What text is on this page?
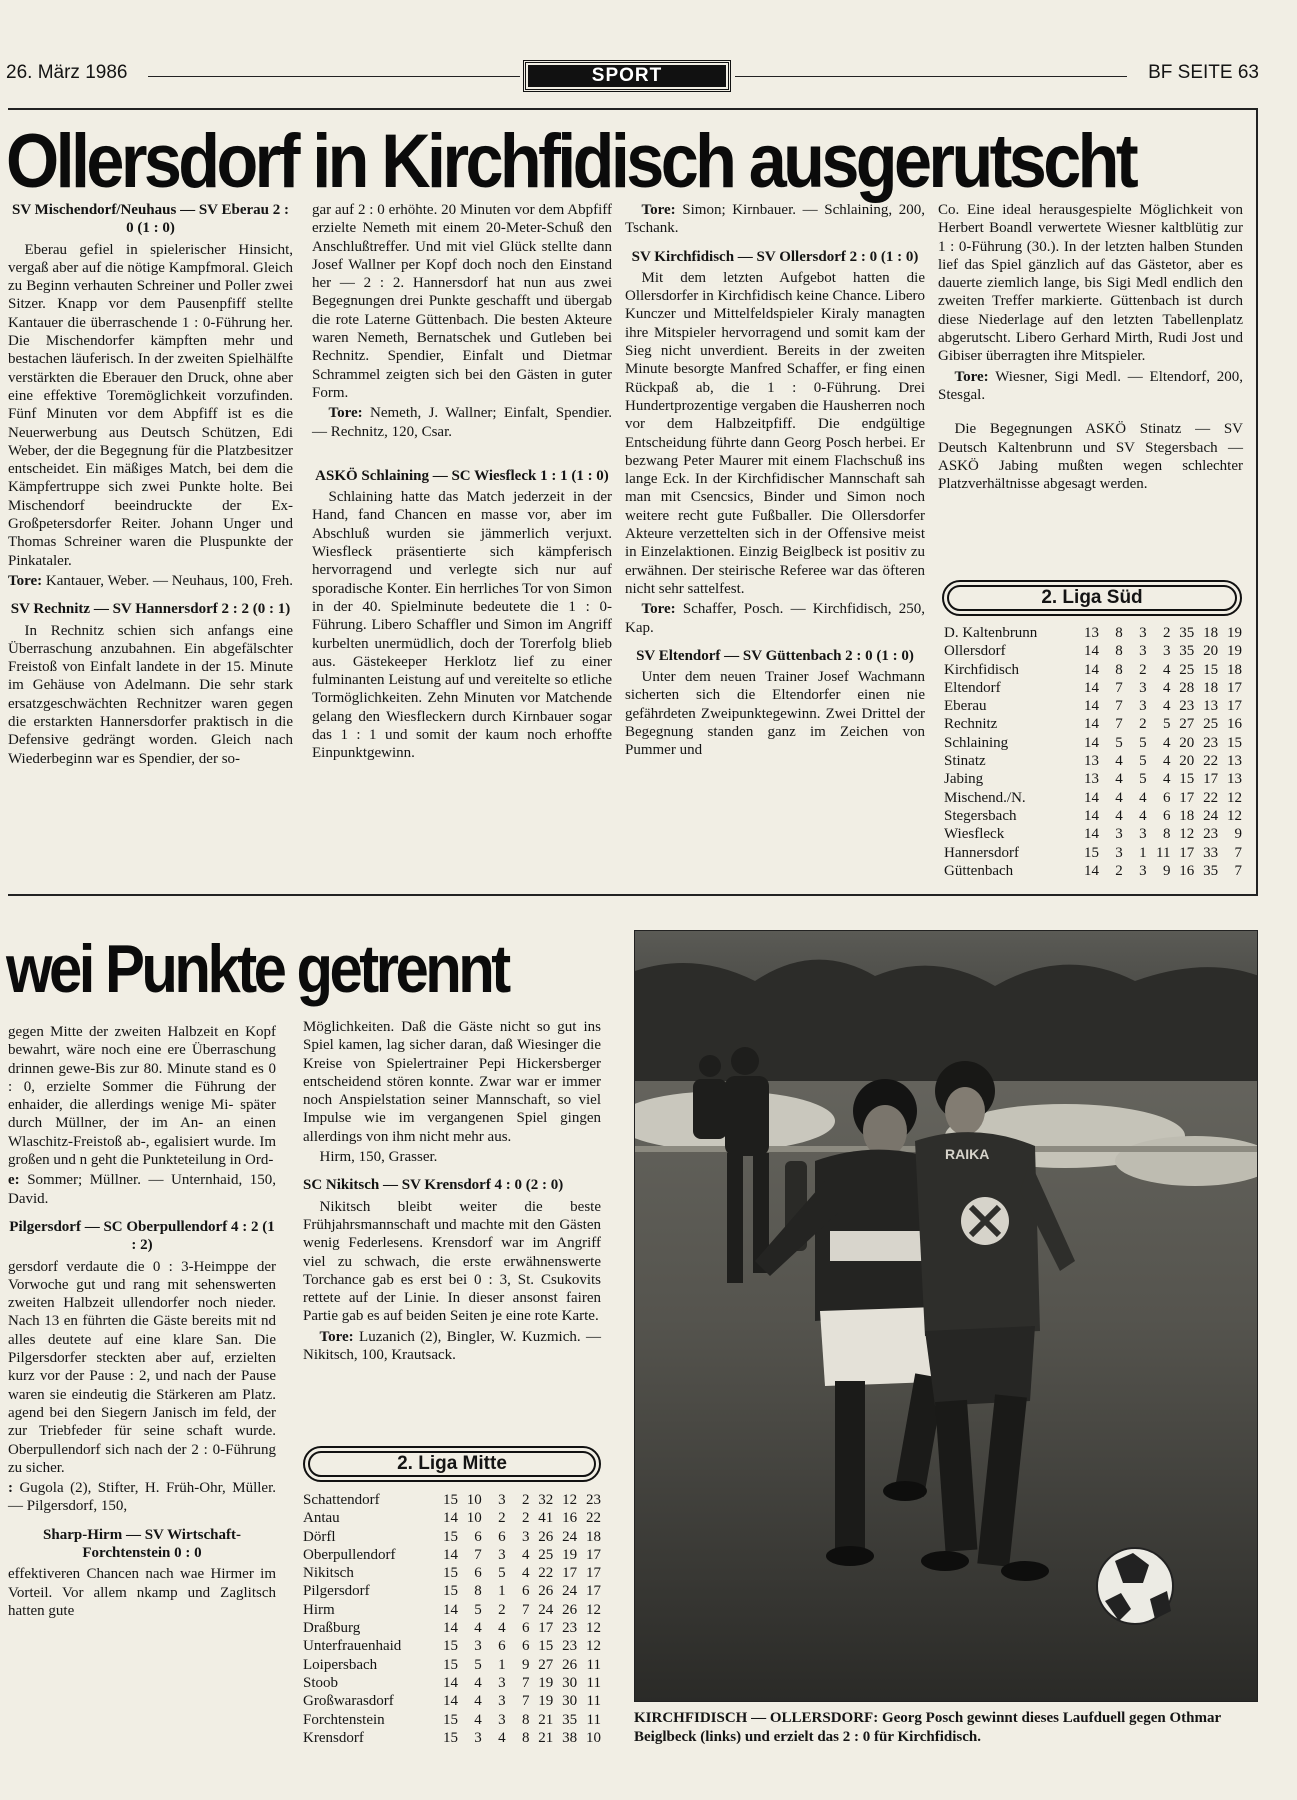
26. März 1986	SPORT	BF SEITE 63
Ollersdorf in Kirchfidisch ausgerutscht
SV Mischendorf/Neuhaus — SV Eberau 2 : 0 (1 : 0)

Eberau gefiel in spielerischer Hinsicht, vergaß aber auf die nötige Kampfmoral. Gleich zu Beginn verhauten Schreiner und Poller zwei Sitzer. Knapp vor dem Pausenpfiff stellte Kantauer die überraschende 1 : 0-Führung her. Die Mischendorfer kämpften mehr und bestachen läuferisch. In der zweiten Spielhälfte verstärkten die Eberauer den Druck, ohne aber eine effektive Toremöglichkeit vorzufinden. Fünf Minuten vor dem Abpfiff ist es die Neuerwerbung aus Deutsch Schützen, Edi Weber, der die Begegnung für die Platzbesitzer entscheidet. Ein mäßiges Match, bei dem die Kämpfertruppe sich zwei Punkte holte. Bei Mischendorf beeindruckte der Ex-Großpetersdorfer Reiter. Johann Unger und Thomas Schreiner waren die Pluspunkte der Pinkataler.

Tore: Kantauer, Weber. — Neuhaus, 100, Freh.

SV Rechnitz — SV Hannersdorf 2 : 2 (0 : 1)

In Rechnitz schien sich anfangs eine Überraschung anzubahnen. Ein abgefälschter Freistoß von Einfalt landete in der 15. Minute im Gehäuse von Adelmann. Die sehr stark ersatzgeschwächten Rechnitzer waren gegen die erstarkten Hannersdorfer praktisch in die Defensive gedrängt worden. Gleich nach Wiederbeginn war es Spendier, der so-

gar auf 2 : 0 erhöhte. 20 Minuten vor dem Abpfiff erzielte Nemeth mit einem 20-Meter-Schuß den Anschlußtreffer. Und mit viel Glück stellte dann Josef Wallner per Kopf doch noch den Einstand her — 2 : 2. Hannersdorf hat nun aus zwei Begegnungen drei Punkte geschafft und übergab die rote Laterne Güttenbach. Die besten Akteure waren Nemeth, Bernatschek und Gutleben bei Rechnitz. Spendier, Einfalt und Dietmar Schrammel zeigten sich bei den Gästen in guter Form.

Tore: Nemeth, J. Wallner; Einfalt, Spendier. — Rechnitz, 120, Csar.

ASKÖ Schlaining — SC Wiesfleck 1 : 1 (1 : 0)

Schlaining hatte das Match jederzeit in der Hand, fand Chancen en masse vor, aber im Abschluß wurden sie jämmerlich verjuxt. Wiesfleck präsentierte sich kämpferisch hervorragend und verlegte sich nur auf sporadische Konter. Ein herrliches Tor von Simon in der 40. Spielminute bedeutete die 1 : 0-Führung. Libero Schaffler und Simon im Angriff kurbelten unermüdlich, doch der Torerfolg blieb aus. Gästekeeper Herklotz lief zu einer fulminanten Leistung auf und vereitelte so etliche Tormöglichkeiten. Zehn Minuten vor Matchende gelang den Wiesfleckern durch Kirnbauer sogar das 1 : 1 und somit der kaum noch erhoffte Einpunktgewinn.

Tore: Simon; Kirnbauer. — Schlaining, 200, Tschank.

SV Kirchfidisch — SV Ollersdorf 2 : 0 (1 : 0)

Mit dem letzten Aufgebot hatten die Ollersdorfer in Kirchfidisch keine Chance. Libero Kunczer und Mittelfeldspieler Kiraly managten ihre Mitspieler hervorragend und somit kam der Sieg nicht unverdient. Bereits in der zweiten Minute besorgte Manfred Schaffer, er fing einen Rückpaß ab, die 1 : 0-Führung. Drei Hundertprozentige vergaben die Hausherren noch vor dem Halbzeitpfiff. Die endgültige Entscheidung führte dann Georg Posch herbei. Er bezwang Peter Maurer mit einem Flachschuß ins lange Eck. In der Kirchfidischer Mannschaft sah man mit Csencsics, Binder und Simon noch weitere recht gute Fußballer. Die Ollersdorfer Akteure verzettelten sich in der Offensive meist in Einzelaktionen. Einzig Beiglbeck ist positiv zu erwähnen. Der steirische Referee war das öfteren nicht sehr sattelfest.

Tore: Schaffer, Posch. — Kirchfidisch, 250, Kap.

SV Eltendorf — SV Güttenbach 2 : 0 (1 : 0)

Unter dem neuen Trainer Josef Wachmann sicherten sich die Eltendorfer einen nie gefährdeten Zweipunktegewinn. Zwei Drittel der Begegnung standen ganz im Zeichen von Pummer und

Co. Eine ideal herausgespielte Möglichkeit von Herbert Boandl verwertete Wiesner kaltblütig zur 1 : 0-Führung (30.). In der letzten halben Stunden lief das Spiel gänzlich auf das Gästetor, aber es dauerte ziemlich lange, bis Sigi Medl endlich den zweiten Treffer markierte. Güttenbach ist durch diese Niederlage auf den letzten Tabellenplatz abgerutscht. Libero Gerhard Mirth, Rudi Jost und Gibiser überragten ihre Mitspieler.

Tore: Wiesner, Sigi Medl. — Eltendorf, 200, Stesgal.

Die Begegnungen ASKÖ Stinatz — SV Deutsch Kaltenbrunn und SV Stegersbach — ASKÖ Jabing mußten wegen schlechter Platzverhältnisse abgesagt werden.

2. Liga Süd
D. Kaltenbrunn	13	8	3	2	35	18	19
Ollersdorf	14	8	3	3	35	20	19
Kirchfidisch	14	8	2	4	25	15	18
Eltendorf	14	7	3	4	28	18	17
Eberau	14	7	3	4	23	13	17
Rechnitz	14	7	2	5	27	25	16
Schlaining	14	5	5	4	20	23	15
Stinatz	13	4	5	4	20	22	13
Jabing	13	4	5	4	15	17	13
Mischend./N.	14	4	4	6	17	22	12
Stegersbach	14	4	4	6	18	24	12
Wiesfleck	14	3	3	8	12	23	9
Hannersdorf	15	3	1	11	17	33	7
Güttenbach	14	2	3	9	16	35	7
wei Punkte getrennt

gegen Mitte der zweiten Halbzeit en Kopf bewahrt, wäre noch eine ere Überraschung drinnen gewe-Bis zur 80. Minute stand es 0 : 0, erzielte Sommer die Führung der enhaider, die allerdings wenige Mi- später durch Müllner, der im An- an einen Wlaschitz-Freistoß ab-, egalisiert wurde. Im großen und n geht die Punkteteilung in Ord-

e: Sommer; Müllner. — Unternhaid, 150, David.

Pilgersdorf — SC Oberpullendorf 4 : 2 (1 : 2)

gersdorf verdaute die 0 : 3-Heimppe der Vorwoche gut und rang mit sehenswerten zweiten Halbzeit ullendorfer noch nieder. Nach 13 en führten die Gäste bereits mit nd alles deutete auf eine klare San. Die Pilgersdorfer steckten aber auf, erzielten kurz vor der Pause : 2, und nach der Pause waren sie eindeutig die Stärkeren am Platz. agend bei den Siegern Janisch im feld, der zur Triebfeder für seine schaft wurde. Oberpullendorf sich nach der 2 : 0-Führung zu sicher.

: Gugola (2), Stifter, H. Früh-Ohr, Müller. — Pilgersdorf, 150,

Sharp-Hirm — SV Wirtschaft-Forchtenstein 0 : 0

effektiveren Chancen nach wae Hirmer im Vorteil. Vor allem nkamp und Zaglitsch hatten gute

Möglichkeiten. Daß die Gäste nicht so gut ins Spiel kamen, lag sicher daran, daß Wiesinger die Kreise von Spielertrainer Pepi Hickersberger entscheidend stören konnte. Zwar war er immer noch Anspielstation seiner Mannschaft, so viel Impulse wie im vergangenen Spiel gingen allerdings von ihm nicht mehr aus.

Hirm, 150, Grasser.

SC Nikitsch — SV Krensdorf 4 : 0 (2 : 0)

Nikitsch bleibt weiter die beste Frühjahrsmannschaft und machte mit den Gästen wenig Federlesens. Krensdorf war im Angriff viel zu schwach, die erste erwähnenswerte Torchance gab es erst bei 0 : 3, St. Csukovits rettete auf der Linie. In dieser ansonst fairen Partie gab es auf beiden Seiten je eine rote Karte.

Tore: Luzanich (2), Bingler, W. Kuzmich. — Nikitsch, 100, Krautsack.

2. Liga Mitte
Schattendorf	15	10	3	2	32	12	23
Antau	14	10	2	2	41	16	22
Dörfl	15	6	6	3	26	24	18
Oberpullendorf	14	7	3	4	25	19	17
Nikitsch	15	6	5	4	22	17	17
Pilgersdorf	15	8	1	6	26	24	17
Hirm	14	5	2	7	24	26	12
Draßburg	14	4	4	6	17	23	12
Unterfrauenhaid	15	3	6	6	15	23	12
Loipersbach	15	5	1	9	27	26	11
Stoob	14	4	3	7	19	30	11
Großwarasdorf	14	4	3	7	19	30	11
Forchtenstein	15	4	3	8	21	35	11
Krensdorf	15	3	4	8	21	38	10
RAIKA
KIRCHFIDISCH — OLLERSDORF: Georg Posch gewinnt dieses Laufduell gegen Othmar Beiglbeck (links) und erzielt das 2 : 0 für Kirchfidisch.
